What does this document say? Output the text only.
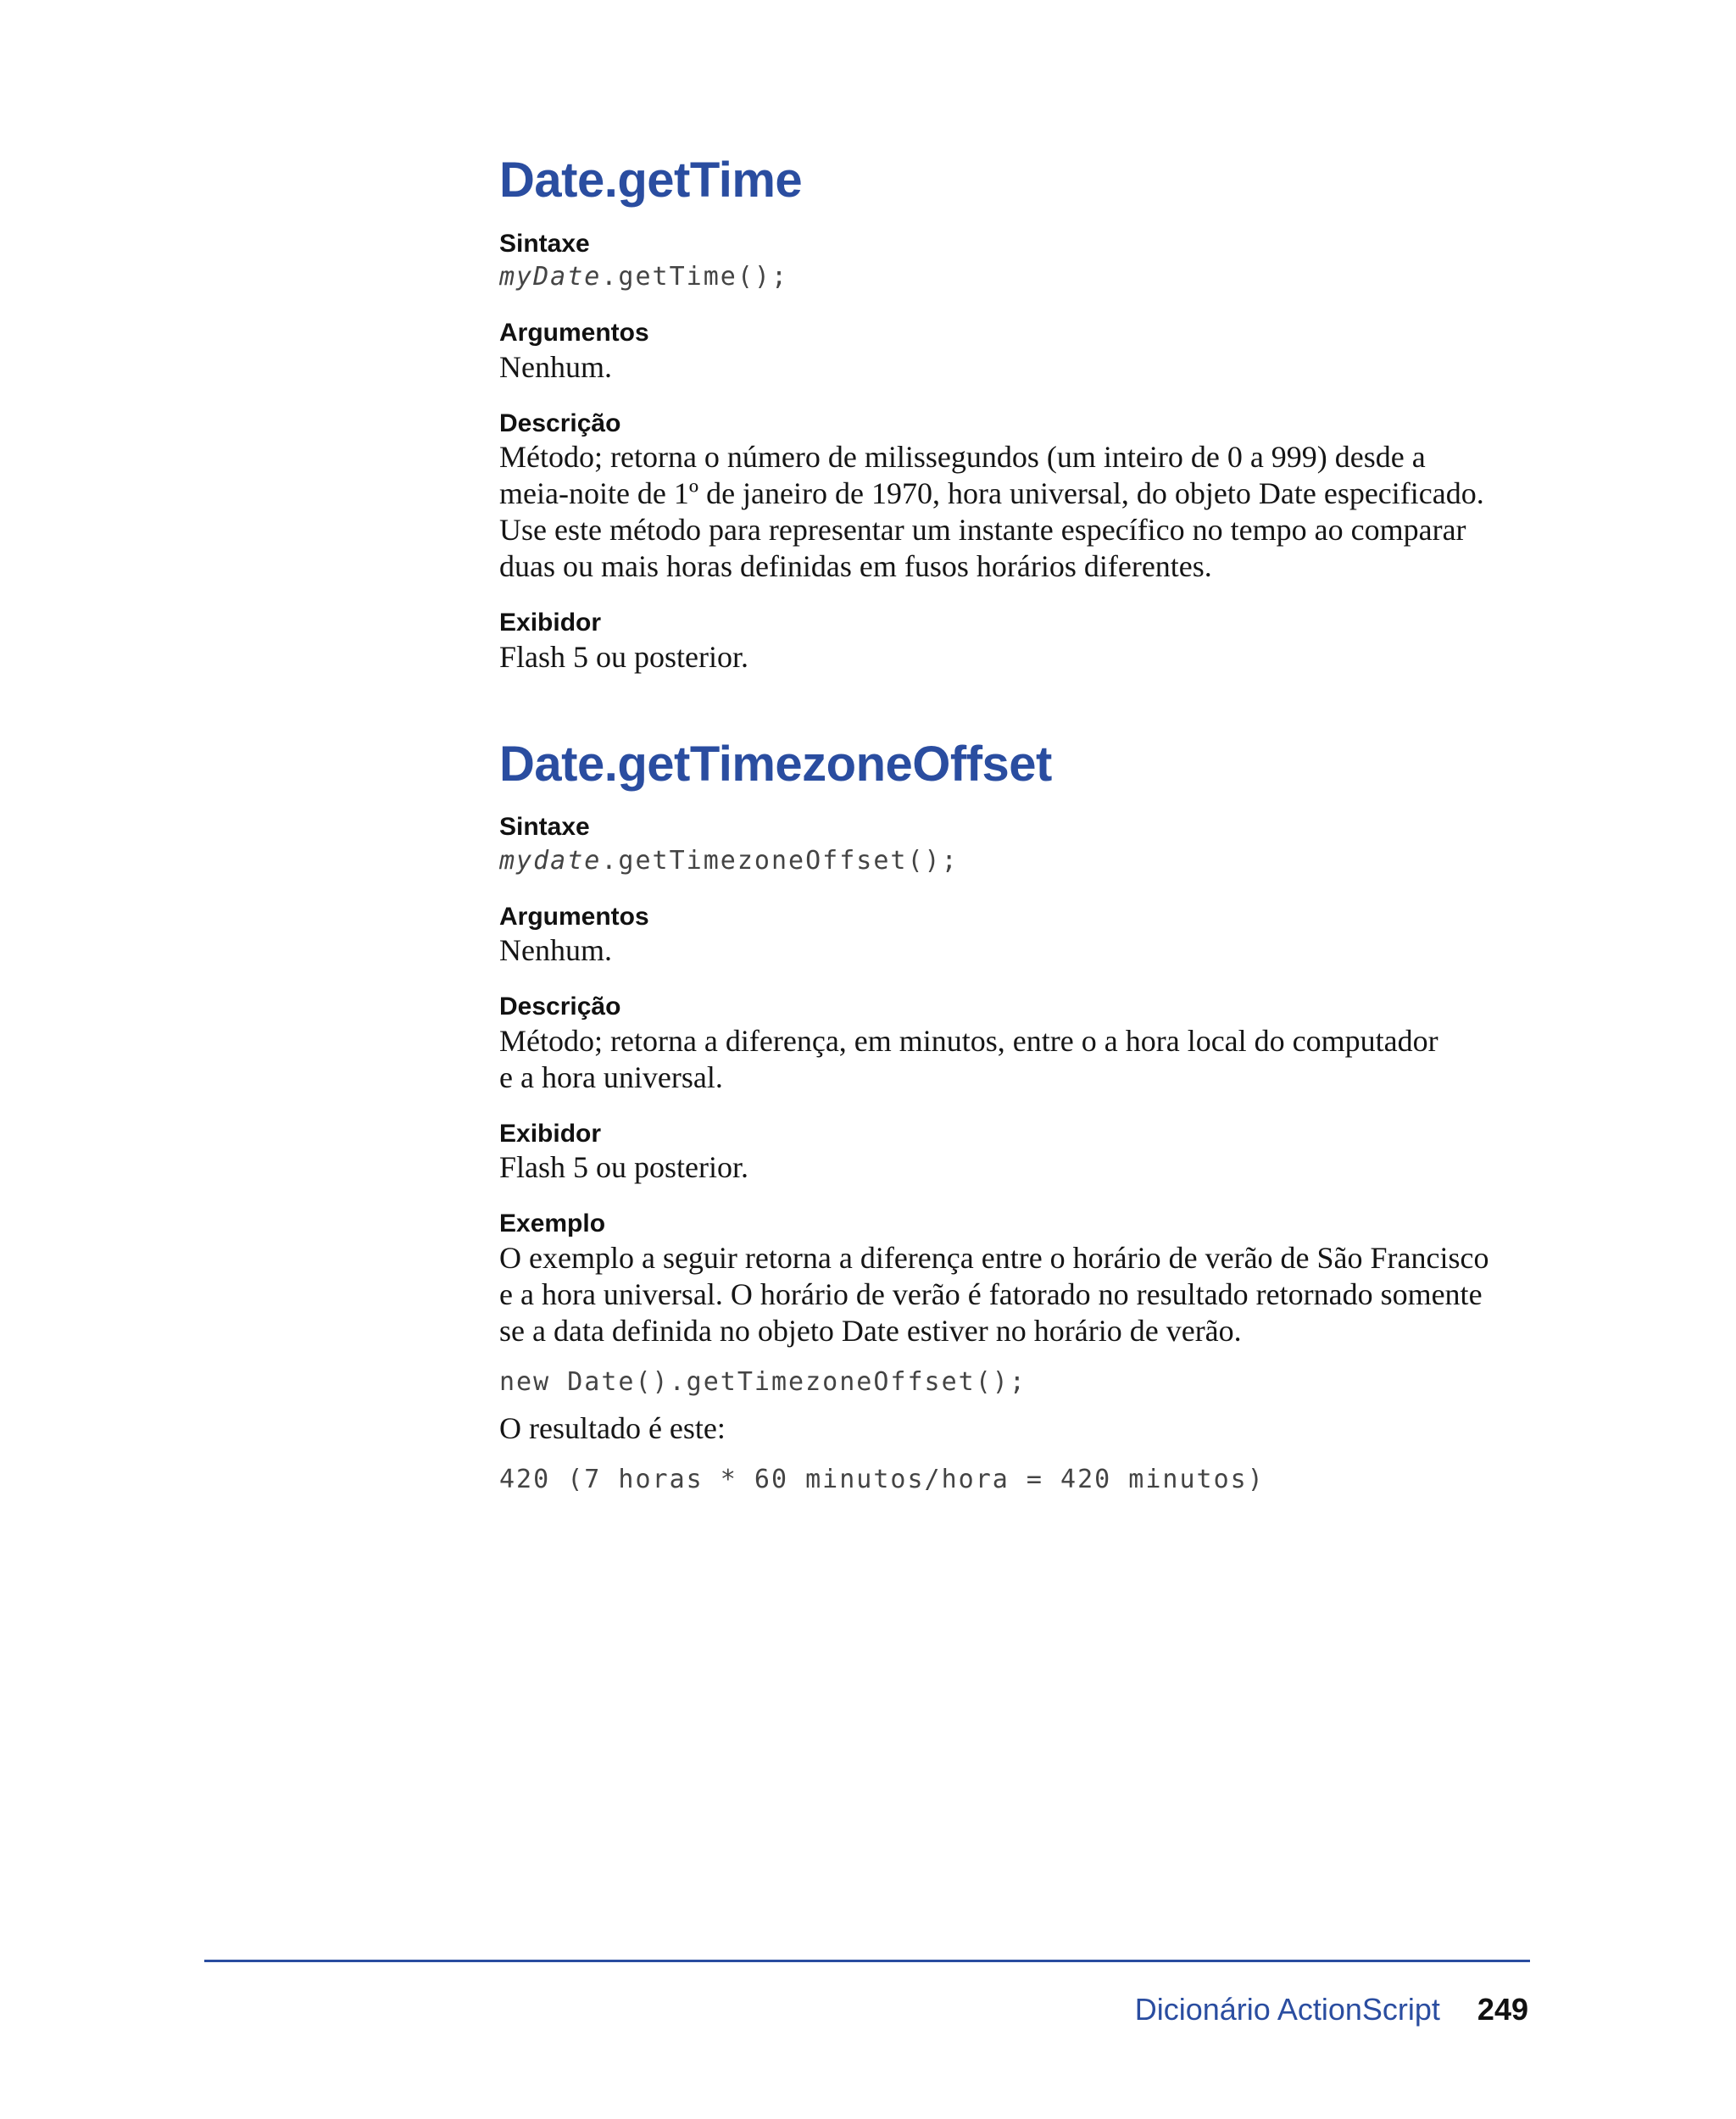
Date.getTime

Sintaxe

myDate.getTime();

Argumentos

Nenhum.

Descrição

Método; retorna o número de milissegundos (um inteiro de 0 a 999) desde a

meia-noite de 1º de janeiro de 1970, hora universal, do objeto Date especificado.

Use este método para representar um instante específico no tempo ao comparar

duas ou mais horas definidas em fusos horários diferentes.

Exibidor

Flash 5 ou posterior.

Date.getTimezoneOffset

Sintaxe

mydate.getTimezoneOffset();

Argumentos

Nenhum.

Descrição

Método; retorna a diferença, em minutos, entre o a hora local do computador

e a hora universal.

Exibidor

Flash 5 ou posterior.

Exemplo

O exemplo a seguir retorna a diferença entre o horário de verão de São Francisco

e a hora universal. O horário de verão é fatorado no resultado retornado somente

se a data definida no objeto Date estiver no horário de verão.

new Date().getTimezoneOffset();

O resultado é este:

420 (7 horas * 60 minutos/hora = 420 minutos)

Dicionário ActionScript 249
